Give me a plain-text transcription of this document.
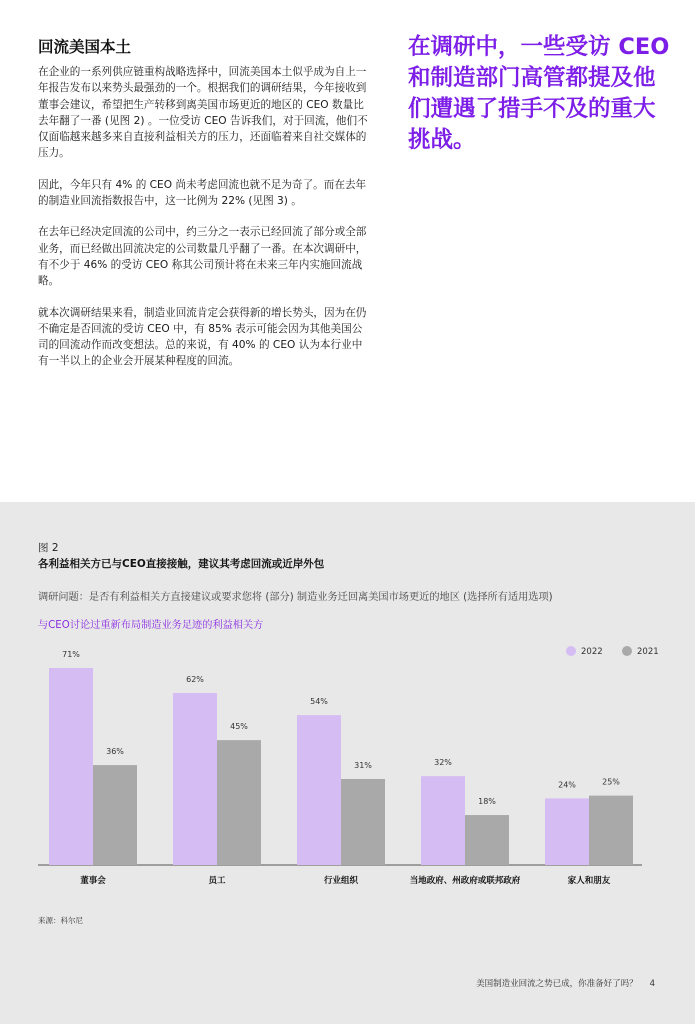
回流美国本土

在企业的一系列供应链重构战略选择中，回流美国本土似乎成为自上一年报告发布以来势头最强劲的一个。根据我们的调研结果，今年接收到董事会建议，希望把生产转移到离美国市场更近的地区的 CEO 数量比去年翻了一番 (见图 2) 。一位受访 CEO 告诉我们，对于回流，他们不仅面临越来越多来自直接利益相关方的压力，还面临着来自社交媒体的压力。

因此，今年只有 4% 的 CEO 尚未考虑回流也就不足为奇了。而在去年的制造业回流指数报告中，这一比例为 22% (见图 3) 。

在去年已经决定回流的公司中，约三分之一表示已经回流了部分或全部业务，而已经做出回流决定的公司数量几乎翻了一番。在本次调研中，有不少于 46% 的受访 CEO 称其公司预计将在未来三年内实施回流战略。

就本次调研结果来看，制造业回流肯定会获得新的增长势头，因为在仍不确定是否回流的受访 CEO 中，有 85% 表示可能会因为其他美国公司的回流动作而改变想法。总的来说，有 40% 的 CEO 认为本行业中有一半以上的企业会开展某种程度的回流。

在调研中，一些受访 CEO 和制造部门高管都提及他们遭遇了措手不及的重大挑战。

图 2
各利益相关方已与CEO直接接触，建议其考虑回流或近岸外包
调研问题：是否有利益相关方直接建议或要求您将 (部分) 制造业务迁回离美国市场更近的地区 (选择所有适用选项)
与CEO讨论过重新布局制造业务足迹的利益相关方
71%
36%
董事会
62%
45%
员工
54%
31%
行业组织
32%
18%
当地政府、州政府或联邦政府
24%	25%
家人和朋友
2022	2021
来源：科尔尼
美国制造业回流之势已成，你准备好了吗？ 4
